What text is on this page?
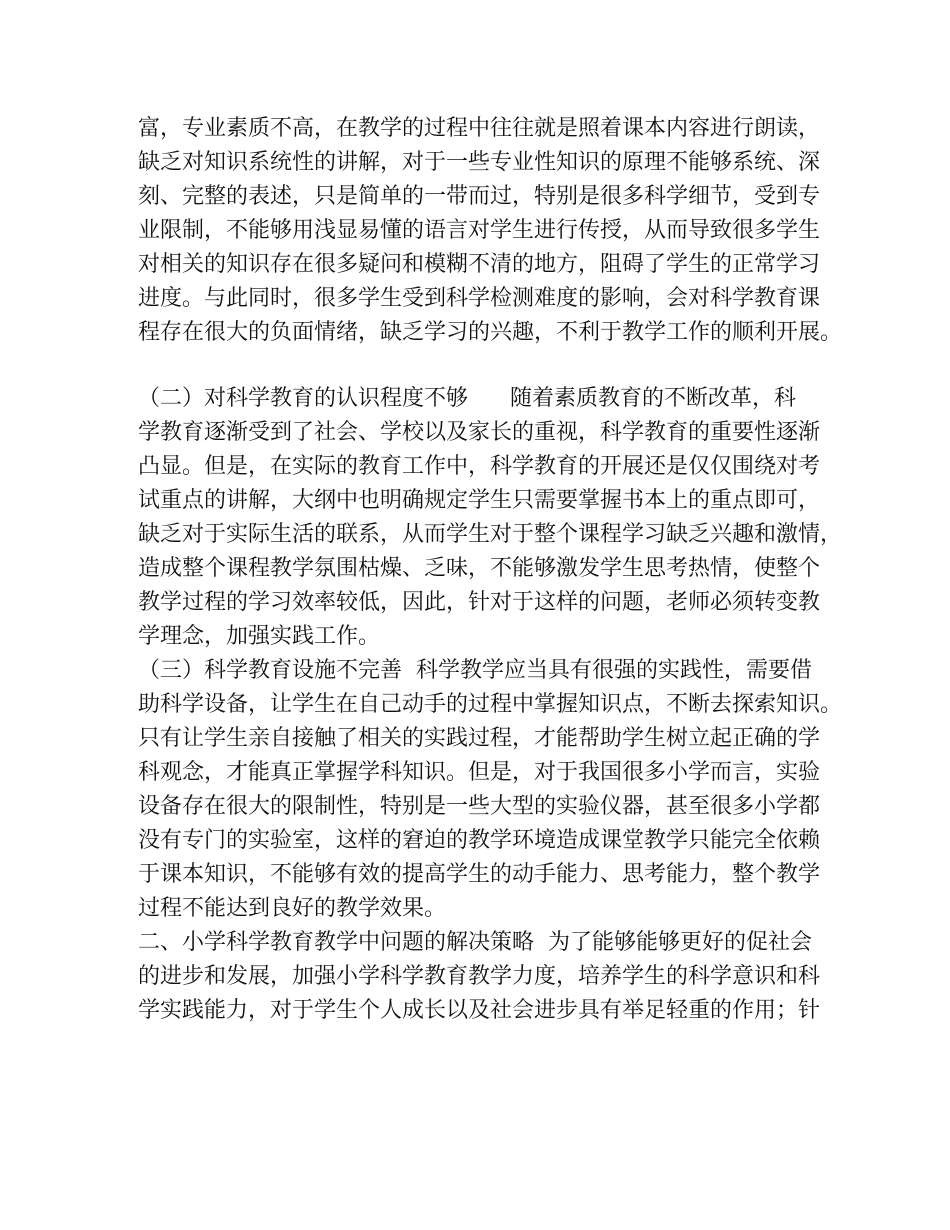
富，专业素质不高，在教学的过程中往往就是照着课本内容进行朗读，
缺乏对知识系统性的讲解，对于一些专业性知识的原理不能够系统、深
刻、完整的表述，只是简单的一带而过，特别是很多科学细节，受到专
业限制，不能够用浅显易懂的语言对学生进行传授，从而导致很多学生
对相关的知识存在很多疑问和模糊不清的地方，阻碍了学生的正常学习
进度。与此同时，很多学生受到科学检测难度的影响，会对科学教育课
程存在很大的负面情绪，缺乏学习的兴趣，不利于教学工作的顺利开展。
（二）对科学教育的认识程度不够      随着素质教育的不断改革，科
学教育逐渐受到了社会、学校以及家长的重视，科学教育的重要性逐渐
凸显。但是，在实际的教育工作中，科学教育的开展还是仅仅围绕对考
试重点的讲解，大纲中也明确规定学生只需要掌握书本上的重点即可，
缺乏对于实际生活的联系，从而学生对于整个课程学习缺乏兴趣和激情，
造成整个课程教学氛围枯燥、乏味，不能够激发学生思考热情，使整个
教学过程的学习效率较低，因此，针对于这样的问题，老师必须转变教
学理念，加强实践工作。
（三）科学教育设施不完善  科学教学应当具有很强的实践性，需要借
助科学设备，让学生在自己动手的过程中掌握知识点，不断去探索知识。
只有让学生亲自接触了相关的实践过程，才能帮助学生树立起正确的学
科观念，才能真正掌握学科知识。但是，对于我国很多小学而言，实验
设备存在很大的限制性，特别是一些大型的实验仪器，甚至很多小学都
没有专门的实验室，这样的窘迫的教学环境造成课堂教学只能完全依赖
于课本知识，不能够有效的提高学生的动手能力、思考能力，整个教学
过程不能达到良好的教学效果。
二、小学科学教育教学中问题的解决策略  为了能够能够更好的促社会
的进步和发展，加强小学科学教育教学力度，培养学生的科学意识和科
学实践能力，对于学生个人成长以及社会进步具有举足轻重的作用；针
